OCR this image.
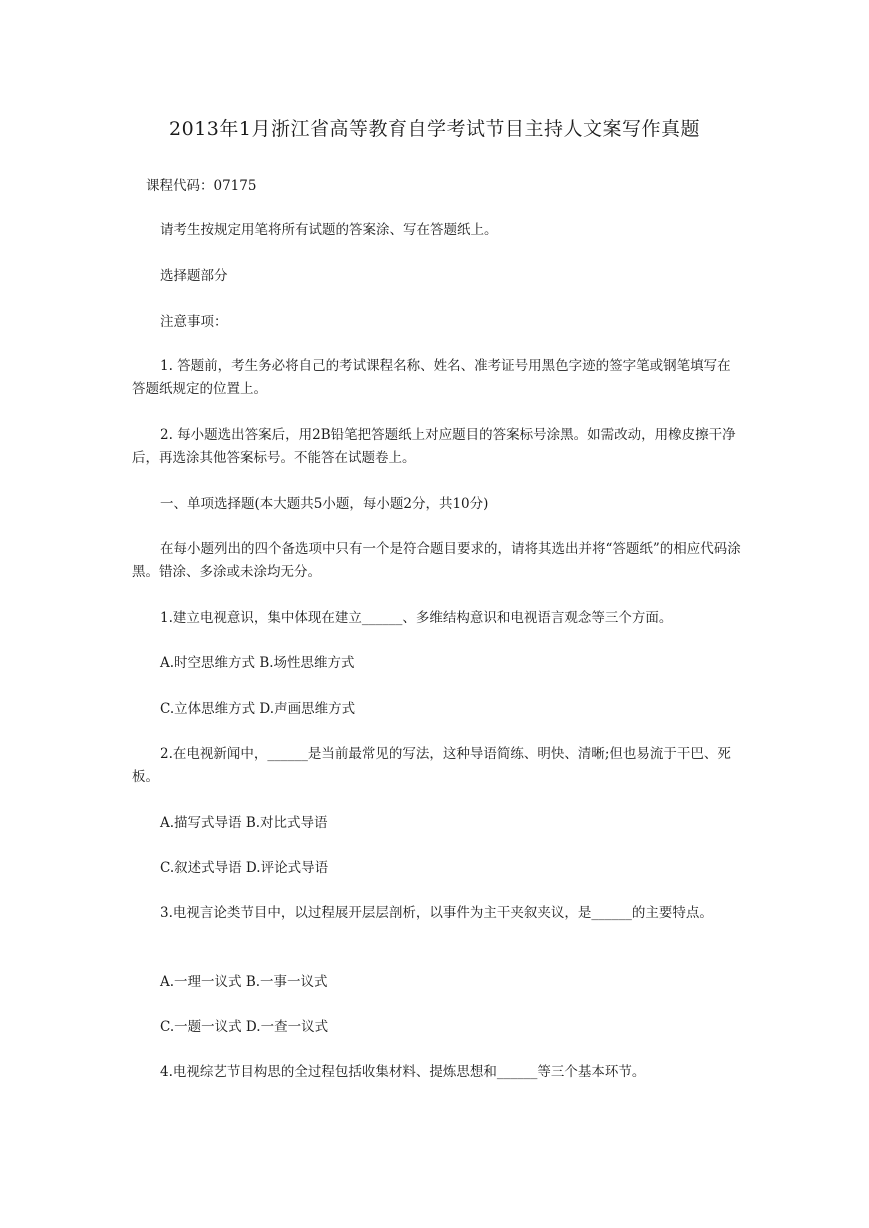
2013年1月浙江省高等教育自学考试节目主持人文案写作真题

课程代码：07175

请考生按规定用笔将所有试题的答案涂、写在答题纸上。

选择题部分

注意事项：

1. 答题前，考生务必将自己的考试课程名称、姓名、准考证号用黑色字迹的签字笔或钢笔填写在答题纸规定的位置上。

2. 每小题选出答案后，用2B铅笔把答题纸上对应题目的答案标号涂黑。如需改动，用橡皮擦干净后，再选涂其他答案标号。不能答在试题卷上。

一、单项选择题(本大题共5小题，每小题2分，共10分)

在每小题列出的四个备选项中只有一个是符合题目要求的，请将其选出并将“答题纸”的相应代码涂黑。错涂、多涂或未涂均无分。

1.建立电视意识，集中体现在建立______、多维结构意识和电视语言观念等三个方面。

A.时空思维方式 B.场性思维方式

C.立体思维方式 D.声画思维方式

2.在电视新闻中，______是当前最常见的写法，这种导语简练、明快、清晰;但也易流于干巴、死板。

A.描写式导语 B.对比式导语

C.叙述式导语 D.评论式导语

3.电视言论类节目中，以过程展开层层剖析，以事件为主干夹叙夹议，是______的主要特点。

A.一理一议式 B.一事一议式

C.一题一议式 D.一查一议式

4.电视综艺节目构思的全过程包括收集材料、提炼思想和______等三个基本环节。
